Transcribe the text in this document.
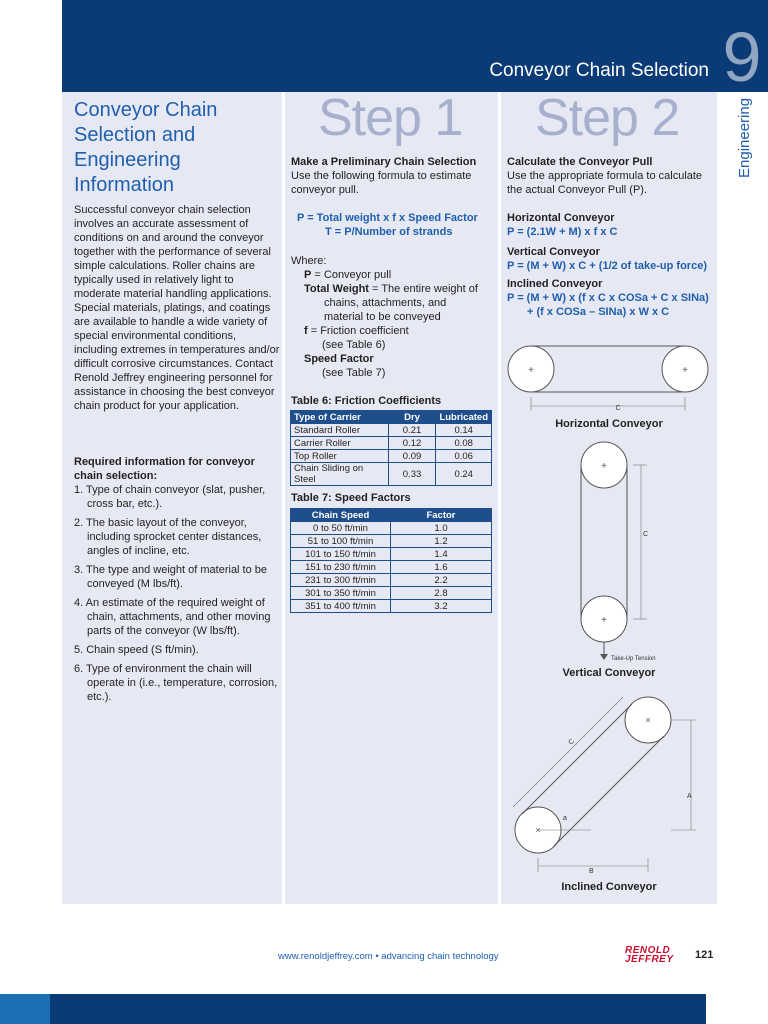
Conveyor Chain Selection 9
Engineering
Conveyor Chain Selection and Engineering Information
Successful conveyor chain selection involves an accurate assessment of conditions on and around the conveyor together with the performance of several simple calculations. Roller chains are typically used in relatively light to moderate material handling applications. Special materials, platings, and coatings are available to handle a wide variety of special environmental conditions, including extremes in temperatures and/or difficult corrosive circumstances. Contact Renold Jeffrey engineering personnel for assistance in choosing the best conveyor chain product for your application.
Required information for conveyor chain selection:
1. Type of chain conveyor (slat, pusher, cross bar, etc.).
2. The basic layout of the conveyor, including sprocket center distances, angles of incline, etc.
3. The type and weight of material to be conveyed (M lbs/ft).
4. An estimate of the required weight of chain, attachments, and other moving parts of the conveyor (W lbs/ft).
5. Chain speed (S ft/min).
6. Type of environment the chain will operate in (i.e., temperature, corrosion, etc.).
Step 1
Make a Preliminary Chain Selection
Use the following formula to estimate conveyor pull.
P = Total weight x f x Speed Factor
T = P/Number of strands
Where:
P = Conveyor pull
Total Weight = The entire weight of chains, attachments, and material to be conveyed
f = Friction coefficient
(see Table 6)
Speed Factor
(see Table 7)
Table 6: Friction Coefficients
Type of Carrier	Dry	Lubricated
Standard Roller	0.21	0.14
Carrier Roller	0.12	0.08
Top Roller	0.09	0.06
Chain Sliding on Steel	0.33	0.24
Table 7: Speed Factors
Chain Speed	Factor
0 to 50 ft/min	1.0
51 to 100 ft/min	1.2
101 to 150 ft/min	1.4
151 to 230 ft/min	1.6
231 to 300 ft/min	2.2
301 to 350 ft/min	2.8
351 to 400 ft/min	3.2
Step 2
Calculate the Conveyor Pull
Use the appropriate formula to calculate the actual Conveyor Pull (P).
Horizontal Conveyor
P = (2.1W + M) x f x C
Vertical Conveyor
P = (M + W) x C + (1/2 of take-up force)
Inclined Conveyor
P = (M + W) x (f x C x COSa + C x SINa)
+ (f x COSa – SINa) x W x C
+	+
C
Horizontal Conveyor
+
+
C
Take-Up Tension
Vertical Conveyor
×
×
C
a
A
B
Inclined Conveyor
www.renoldjeffrey.com • advancing chain technology
RENOLD
JEFFREY 121
